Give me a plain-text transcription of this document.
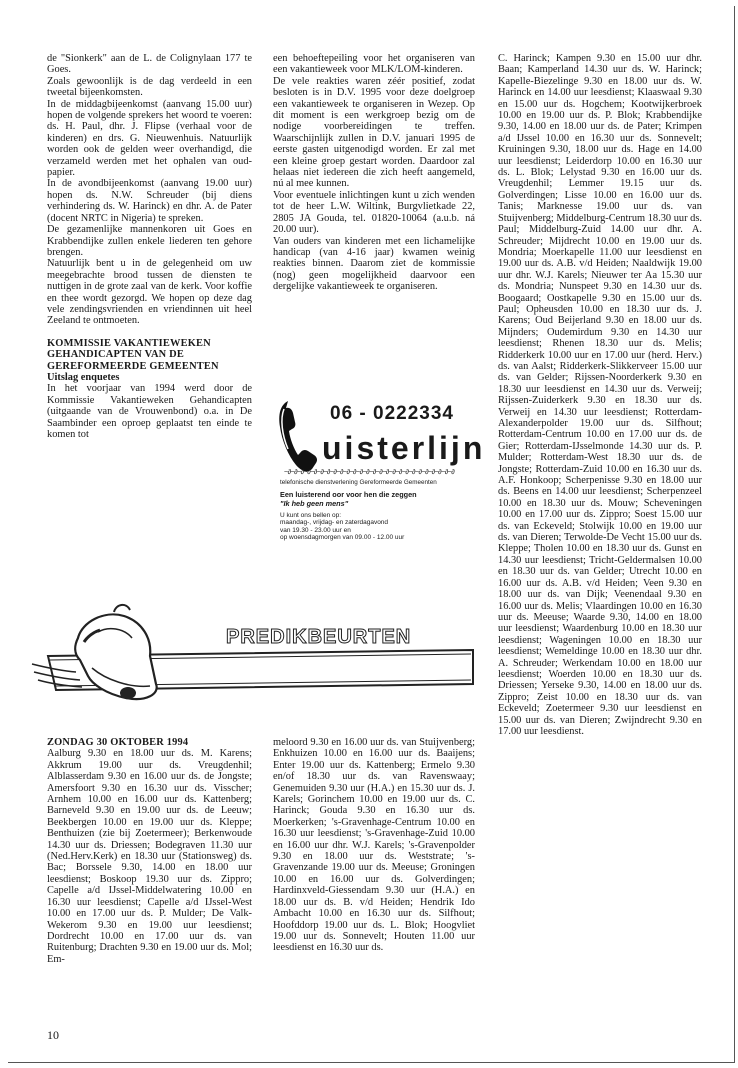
de "Sionkerk" aan de L. de Colignylaan 177 te Goes.

Zoals gewoonlijk is de dag verdeeld in een tweetal bijeenkomsten.

In de middagbijeenkomst (aanvang 15.00 uur) hopen de volgende sprekers het woord te voeren: ds. H. Paul, dhr. J. Flipse (verhaal voor de kinderen) en drs. G. Nieuwenhuis. Natuurlijk worden ook de gelden weer overhandigd, die verzameld werden met het ophalen van oud-papier.

In de avondbijeenkomst (aanvang 19.00 uur) hopen ds. N.W. Schreuder (bij diens verhindering ds. W. Harinck) en dhr. A. de Pater (docent NRTC in Nigeria) te spreken.

De gezamenlijke mannenkoren uit Goes en Krabbendijke zullen enkele liederen ten gehore brengen.

Natuurlijk bent u in de gelegenheid om uw meegebrachte brood tussen de diensten te nuttigen in de grote zaal van de kerk. Voor koffie en thee wordt gezorgd. We hopen op deze dag vele zendingsvrienden en vriendinnen uit heel Zeeland te ontmoeten.

KOMMISSIE VAKANTIEWEKEN GEHANDICAPTEN VAN DE GEREFORMEERDE GEMEENTEN

Uitslag enquetes

In het voorjaar van 1994 werd door de Kommissie Vakantieweken Gehandicapten (uitgaande van de Vrouwenbond) o.a. in De Saambinder een oproep geplaatst ten einde te komen tot

een behoeftepeiling voor het organiseren van een vakantieweek voor MLK/LOM-kinderen.

De vele reakties waren zéér positief, zodat besloten is in D.V. 1995 voor deze doelgroep een vakantieweek te organiseren in Wezep. Op dit moment is een werkgroep bezig om de nodige voorbereidingen te treffen. Waarschijnlijk zullen in D.V. januari 1995 de eerste gasten uitgenodigd worden. Er zal met een kleine groep gestart worden. Daardoor zal helaas niet iedereen die zich heeft aangemeld, nú al mee kunnen.

Voor eventuele inlichtingen kunt u zich wenden tot de heer L.W. Wiltink, Burgvlietkade 22, 2805 JA Gouda, tel. 01820-10064 (a.u.b. ná 20.00 uur).

Van ouders van kinderen met een lichamelijke handicap (van 4-16 jaar) kwamen weinig reakties binnen. Daarom ziet de kommissie (nog) geen mogelijkheid daarvoor een dergelijke vakantieweek te organiseren.

06 - 0222334
uisterlijn
~∂~∂~∂~∂~∂~∂~∂~∂~∂~∂~∂~∂~∂~∂~∂~∂~∂~∂~∂~∂~∂~∂~∂~∂~∂~∂
telefonische dienstverlening Gereformeerde Gemeenten
Een luisterend oor voor hen die zeggen
"Ik heb geen mens"
U kunt ons bellen op:
maandag-, vrijdag- en zaterdagavond
van 19.30 - 23.00 uur en
op woensdagmorgen van 09.00 - 12.00 uur

C. Harinck; Kampen 9.30 en 15.00 uur dhr. Baan; Kamperland 14.30 uur ds. W. Harinck; Kapelle-Biezelinge 9.30 en 18.00 uur ds. W. Harinck en 14.00 uur leesdienst; Klaaswaal 9.30 en 15.00 uur ds. Hogchem; Kootwijkerbroek 10.00 en 19.00 uur ds. P. Blok; Krabbendijke 9.30, 14.00 en 18.00 uur ds. de Pater; Krimpen a/d IJssel 10.00 en 16.30 uur ds. Sonnevelt; Kruiningen 9.30, 18.00 uur ds. Hage en 14.00 uur leesdienst; Leiderdorp 10.00 en 16.30 uur ds. L. Blok; Lelystad 9.30 en 16.00 uur ds. Vreugdenhil; Lemmer 19.15 uur ds. Golverdingen; Lisse 10.00 en 16.00 uur ds. Tanis; Marknesse 19.00 uur ds. van Stuijvenberg; Middelburg-Centrum 18.30 uur ds. Paul; Middelburg-Zuid 14.00 uur dhr. A. Schreuder; Mijdrecht 10.00 en 19.00 uur ds. Mondria; Moerkapelle 11.00 uur leesdienst en 19.00 uur ds. A.B. v/d Heiden; Naaldwijk 19.00 uur dhr. W.J. Karels; Nieuwer ter Aa 15.30 uur ds. Mondria; Nunspeet 9.30 en 14.30 uur ds. Boogaard; Oostkapelle 9.30 en 15.00 uur ds. Paul; Opheusden 10.00 en 18.30 uur ds. J. Karens; Oud Beijerland 9.30 en 18.00 uur ds. Mijnders; Oudemirdum 9.30 en 14.30 uur leesdienst; Rhenen 18.30 uur ds. Melis; Ridderkerk 10.00 uur en 17.00 uur (herd. Herv.) ds. van Aalst; Ridderkerk-Slikkerveer 15.00 uur ds. van Gelder; Rijssen-Noorderkerk 9.30 en 18.30 uur leesdienst en 14.30 uur ds. Verweij; Rijssen-Zuiderkerk 9.30 en 18.30 uur ds. Verweij en 14.30 uur leesdienst; Rotterdam-Alexanderpolder 19.00 uur ds. Silfhout; Rotterdam-Centrum 10.00 en 17.00 uur ds. de Gier; Rotterdam-IJsselmonde 14.30 uur ds. P. Mulder; Rotterdam-West 18.30 uur ds. de Jongste; Rotterdam-Zuid 10.00 en 16.30 uur ds. A.F. Honkoop; Scherpenisse 9.30 en 18.00 uur ds. Beens en 14.00 uur leesdienst; Scherpenzeel 10.00 en 18.30 uur ds. Mouw; Scheveningen 10.00 en 17.00 uur ds. Zippro; Soest 15.00 uur ds. van Eckeveld; Stolwijk 10.00 en 19.00 uur ds. van Dieren; Terwolde-De Vecht 15.00 uur ds. Kleppe; Tholen 10.00 en 18.30 uur ds. Gunst en 14.30 uur leesdienst; Tricht-Geldermalsen 10.00 en 18.30 uur ds. van Gelder; Utrecht 10.00 en 16.00 uur ds. A.B. v/d Heiden; Veen 9.30 en 18.00 uur ds. van Dijk; Veenendaal 9.30 en 16.00 uur ds. Melis; Vlaardingen 10.00 en 16.30 uur ds. Meeuse; Waarde 9.30, 14.00 en 18.00 uur leesdienst; Waardenburg 10.00 en 18.30 uur leesdienst; Wageningen 10.00 en 18.30 uur leesdienst; Wemeldinge 10.00 en 18.30 uur dhr. A. Schreuder; Werkendam 10.00 en 18.00 uur leesdienst; Woerden 10.00 en 18.30 uur ds. Driessen; Yerseke 9.30, 14.00 en 18.00 uur ds. Zippro; Zeist 10.00 en 18.30 uur ds. van Eckeveld; Zoetermeer 9.30 uur leesdienst en 15.00 uur ds. van Dieren; Zwijndrecht 9.30 en 17.00 uur leesdienst.

PREDIKBEURTEN

ZONDAG 30 OKTOBER 1994

Aalburg 9.30 en 18.00 uur ds. M. Karens; Akkrum 19.00 uur ds. Vreugdenhil; Alblasserdam 9.30 en 16.00 uur ds. de Jongste; Amersfoort 9.30 en 16.30 uur ds. Visscher; Arnhem 10.00 en 16.00 uur ds. Kattenberg; Barneveld 9.30 en 19.00 uur ds. de Leeuw; Beekbergen 10.00 en 19.00 uur ds. Kleppe; Benthuizen (zie bij Zoetermeer); Berkenwoude 14.30 uur ds. Driessen; Bodegraven 11.30 uur (Ned.Herv.Kerk) en 18.30 uur (Stationsweg) ds. Bac; Borssele 9.30, 14.00 en 18.00 uur leesdienst; Boskoop 19.30 uur ds. Zippro; Capelle a/d IJssel-Middelwatering 10.00 en 16.30 uur leesdienst; Capelle a/d IJssel-West 10.00 en 17.00 uur ds. P. Mulder; De Valk-Wekerom 9.30 en 19.00 uur leesdienst; Dordrecht 10.00 en 17.00 uur ds. van Ruitenburg; Drachten 9.30 en 19.00 uur ds. Mol; Em-

meloord 9.30 en 16.00 uur ds. van Stuijvenberg; Enkhuizen 10.00 en 16.00 uur ds. Baaijens; Enter 19.00 uur ds. Kattenberg; Ermelo 9.30 en/of 18.30 uur ds. van Ravenswaay; Genemuiden 9.30 uur (H.A.) en 15.30 uur ds. J. Karels; Gorinchem 10.00 en 19.00 uur ds. C. Harinck; Gouda 9.30 en 16.30 uur ds. Moerkerken; 's-Gravenhage-Centrum 10.00 en 16.30 uur leesdienst; 's-Gravenhage-Zuid 10.00 en 16.00 uur dhr. W.J. Karels; 's-Gravenpolder 9.30 en 18.00 uur ds. Weststrate; 's-Gravenzande 19.00 uur ds. Meeuse; Groningen 10.00 en 16.00 uur ds. Golverdingen; Hardinxveld-Giessendam 9.30 uur (H.A.) en 18.00 uur ds. B. v/d Heiden; Hendrik Ido Ambacht 10.00 en 16.30 uur ds. Silfhout; Hoofddorp 19.00 uur ds. L. Blok; Hoogvliet 19.00 uur ds. Sonnevelt; Houten 11.00 uur leesdienst en 16.30 uur ds.

10
